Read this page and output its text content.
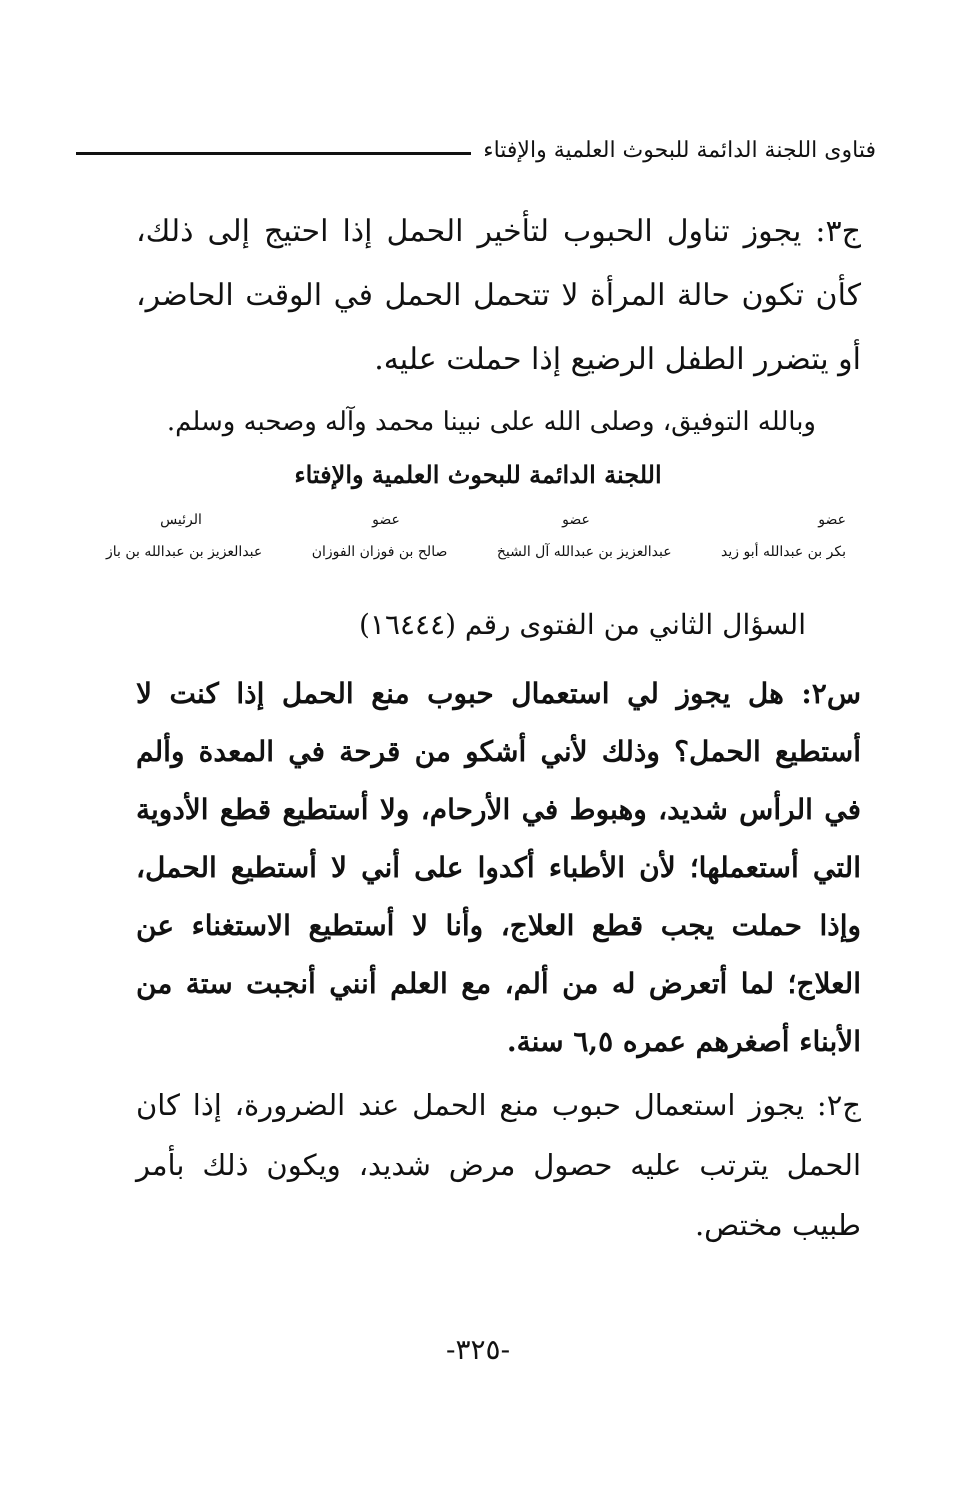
فتاوى اللجنة الدائمة للبحوث العلمية والإفتاء
ج٣: يجوز تناول الحبوب لتأخير الحمل إذا احتيج إلى ذلك، كأن تكون حالة المرأة لا تتحمل الحمل في الوقت الحاضر، أو يتضرر الطفل الرضيع إذا حملت عليه.
وبالله التوفيق، وصلى الله على نبينا محمد وآله وصحبه وسلم.
اللجنة الدائمة للبحوث العلمية والإفتاء
عضو
عضو
عضو
الرئيس
بكر بن عبدالله أبو زيد
عبدالعزيز بن عبدالله آل الشيخ
صالح بن فوزان الفوزان
عبدالعزيز بن عبدالله بن باز
السؤال الثاني من الفتوى رقم (١٦٤٤٤)
س٢: هل يجوز لي استعمال حبوب منع الحمل إذا كنت لا أستطيع الحمل؟ وذلك لأني أشكو من قرحة في المعدة وألم في الرأس شديد، وهبوط في الأرحام، ولا أستطيع قطع الأدوية التي أستعملها؛ لأن الأطباء أكدوا على أني لا أستطيع الحمل، وإذا حملت يجب قطع العلاج، وأنا لا أستطيع الاستغناء عن العلاج؛ لما أتعرض له من ألم، مع العلم أنني أنجبت ستة من الأبناء أصغرهم عمره ٦,٥ سنة.
ج٢: يجوز استعمال حبوب منع الحمل عند الضرورة، إذا كان الحمل يترتب عليه حصول مرض شديد، ويكون ذلك بأمر طبيب مختص.
-٣٢٥-
